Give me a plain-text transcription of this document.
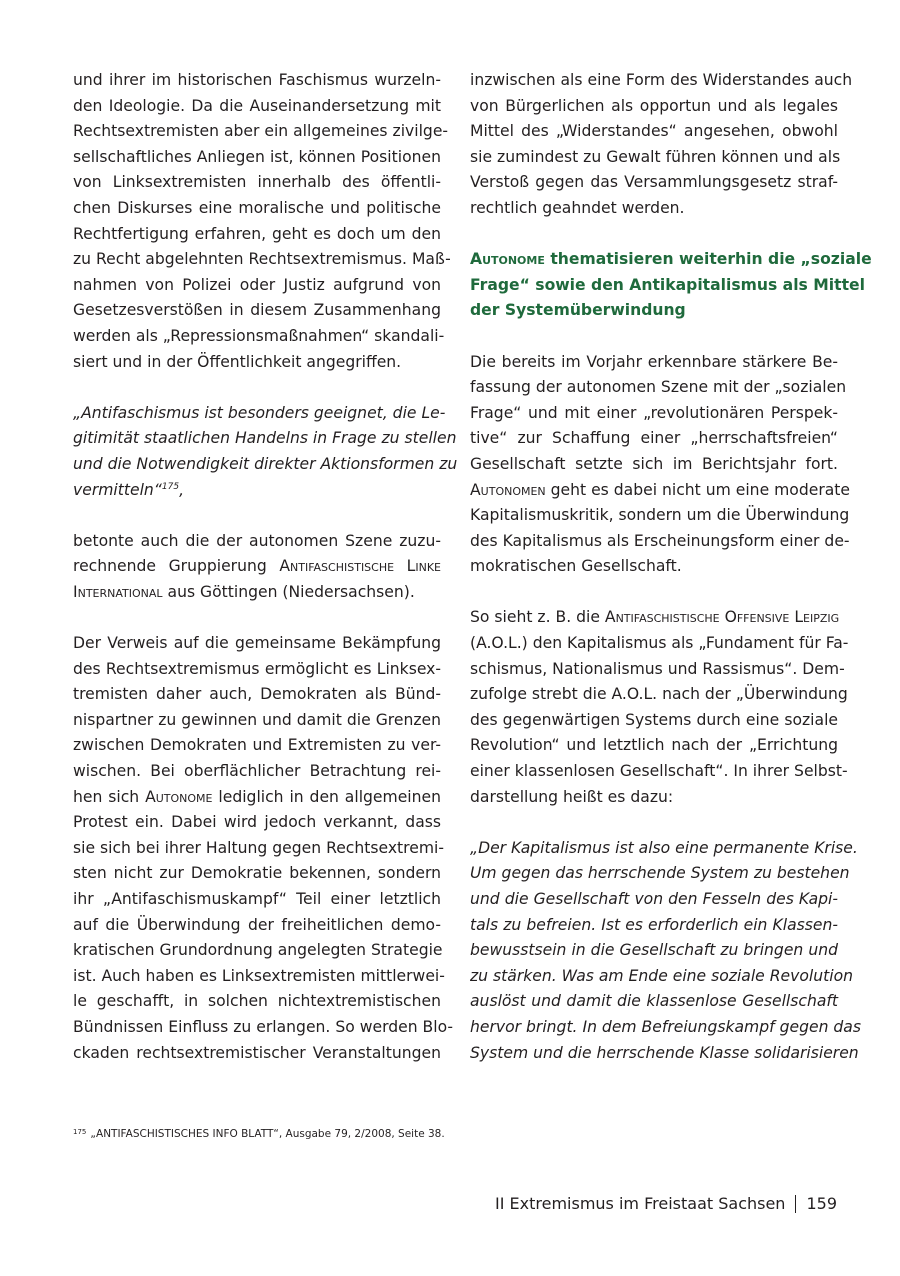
und ihrer im historischen Faschismus wurzeln-
den Ideologie. Da die Auseinandersetzung mit
Rechtsextremisten aber ein allgemeines zivilge-
sellschaftliches Anliegen ist, können Positionen
von Linksextremisten innerhalb des öffentli-
chen Diskurses eine moralische und politische
Rechtfertigung erfahren, geht es doch um den
zu Recht abgelehnten Rechtsextremismus. Maß-
nahmen von Polizei oder Justiz aufgrund von
Gesetzesverstößen in diesem Zusammenhang
werden als „Repressionsmaßnahmen“ skandali-
siert und in der Öffentlichkeit angegriffen.
„Antifaschismus ist besonders geeignet, die Le-
gitimität staatlichen Handelns in Frage zu stellen
und die Notwendigkeit direkter Aktionsformen zu
vermitteln“$^{175}$,
betonte auch die der autonomen Szene zuzu-
rechnende Gruppierung Antifaschistische Linke
International aus Göttingen (Niedersachsen).
Der Verweis auf die gemeinsame Bekämpfung
des Rechtsextremismus ermöglicht es Linksex-
tremisten daher auch, Demokraten als Bünd-
nispartner zu gewinnen und damit die Grenzen
zwischen Demokraten und Extremisten zu ver-
wischen. Bei oberflächlicher Betrachtung rei-
hen sich Autonome lediglich in den allgemeinen
Protest ein. Dabei wird jedoch verkannt, dass
sie sich bei ihrer Haltung gegen Rechtsextremi-
sten nicht zur Demokratie bekennen, sondern
ihr „Antifaschismuskampf“ Teil einer letztlich
auf die Überwindung der freiheitlichen demo-
kratischen Grundordnung angelegten Strategie
ist. Auch haben es Linksextremisten mittlerwei-
le geschafft, in solchen nichtextremistischen
Bündnissen Einfluss zu erlangen. So werden Blo-
ckaden rechtsextremistischer Veranstaltungen
inzwischen als eine Form des Widerstandes auch
von Bürgerlichen als opportun und als legales
Mittel des „Widerstandes“ angesehen, obwohl
sie zumindest zu Gewalt führen können und als
Verstoß gegen das Versammlungsgesetz straf-
rechtlich geahndet werden.
Autonome thematisieren weiterhin die „soziale
Frage“ sowie den Antikapitalismus als Mittel
der Systemüberwindung
Die bereits im Vorjahr erkennbare stärkere Be-
fassung der autonomen Szene mit der „sozialen
Frage“ und mit einer „revolutionären Perspek-
tive“ zur Schaffung einer „herrschaftsfreien“
Gesellschaft setzte sich im Berichtsjahr fort.
Autonomen geht es dabei nicht um eine moderate
Kapitalismuskritik, sondern um die Überwindung
des Kapitalismus als Erscheinungsform einer de-
mokratischen Gesellschaft.
So sieht z. B. die Antifaschistische Offensive Leipzig
(A.O.L.) den Kapitalismus als „Fundament für Fa-
schismus, Nationalismus und Rassismus“. Dem-
zufolge strebt die A.O.L. nach der „Überwindung
des gegenwärtigen Systems durch eine soziale
Revolution“ und letztlich nach der „Errichtung
einer klassenlosen Gesellschaft“. In ihrer Selbst-
darstellung heißt es dazu:
„Der Kapitalismus ist also eine permanente Krise.
Um gegen das herrschende System zu bestehen
und die Gesellschaft von den Fesseln des Kapi-
tals zu befreien. Ist es erforderlich ein Klassen-
bewusstsein in die Gesellschaft zu bringen und
zu stärken. Was am Ende eine soziale Revolution
auslöst und damit die klassenlose Gesellschaft
hervor bringt. In dem Befreiungskampf gegen das
System und die herrschende Klasse solidarisieren
$^{175}$ „ANTIFASCHISTISCHES INFO BLATT“, Ausgabe 79, 2/2008, Seite 38.
II Extremismus im Freistaat Sachsen 159
